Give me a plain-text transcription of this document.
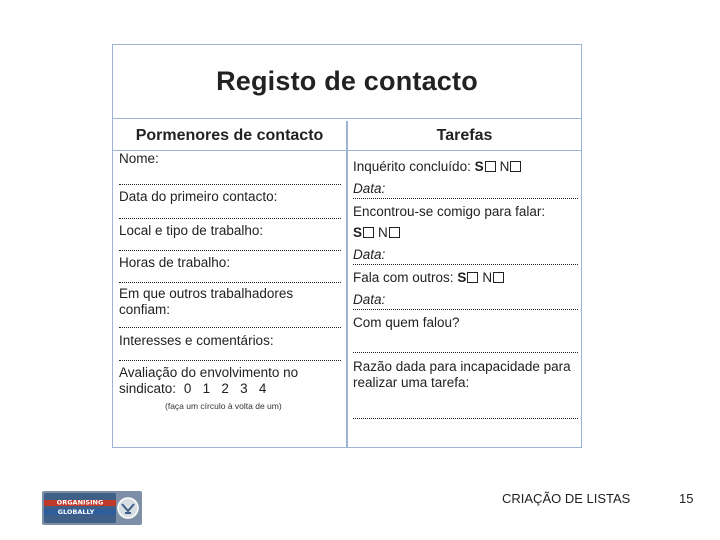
Registo de contacto
Pormenores de contacto	Tarefas
Nome:
Data do primeiro contacto:
Local e tipo de trabalho:
Horas de trabalho:
Em que outros trabalhadores confiam:
Interesses e comentários:
Avaliação do envolvimento no sindicato: 0   1   2   3   4
(faça um círculo à volta de um)
Inquérito concluído: S N
Data:
Encontrou-se comigo para falar:
S N
Data:
Fala com outros: S N
Data:
Com quem falou?
Razão dada para incapacidade para realizar uma tarefa:
ORGANISING
GLOBALLY
CRIAÇÃO DE LISTAS	15
